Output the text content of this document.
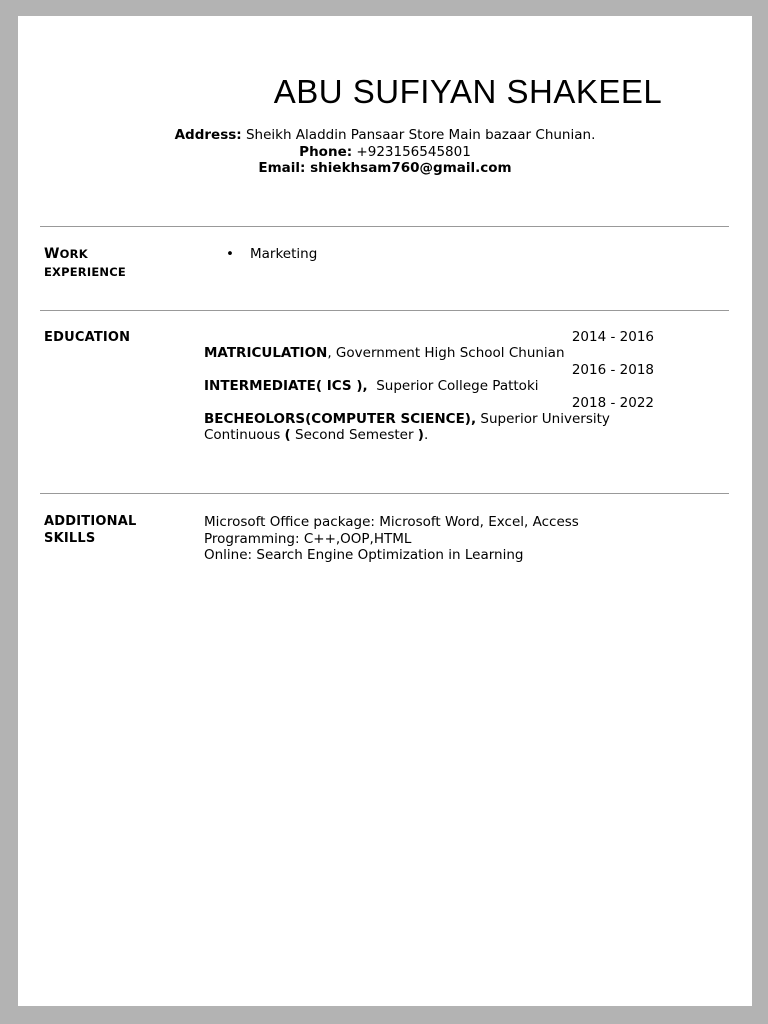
ABU SUFIYAN SHAKEEL
Address: Sheikh Aladdin Pansaar Store Main bazaar Chunian.
Phone: +923156545801
Email: shiekhsam760@gmail.com
WORK
EXPERIENCE
• Marketing
EDUCATION	2014 - 2016
MATRICULATION, Government High School Chunian
2016 - 2018
INTERMEDIATE( ICS ),  Superior College Pattoki
2018 - 2022
BECHEOLORS(COMPUTER SCIENCE), Superior University
Continuous ( Second Semester ).
ADDITIONAL
SKILLS
Microsoft Office package: Microsoft Word, Excel, Access
Programming: C++,OOP,HTML
Online: Search Engine Optimization in Learning
